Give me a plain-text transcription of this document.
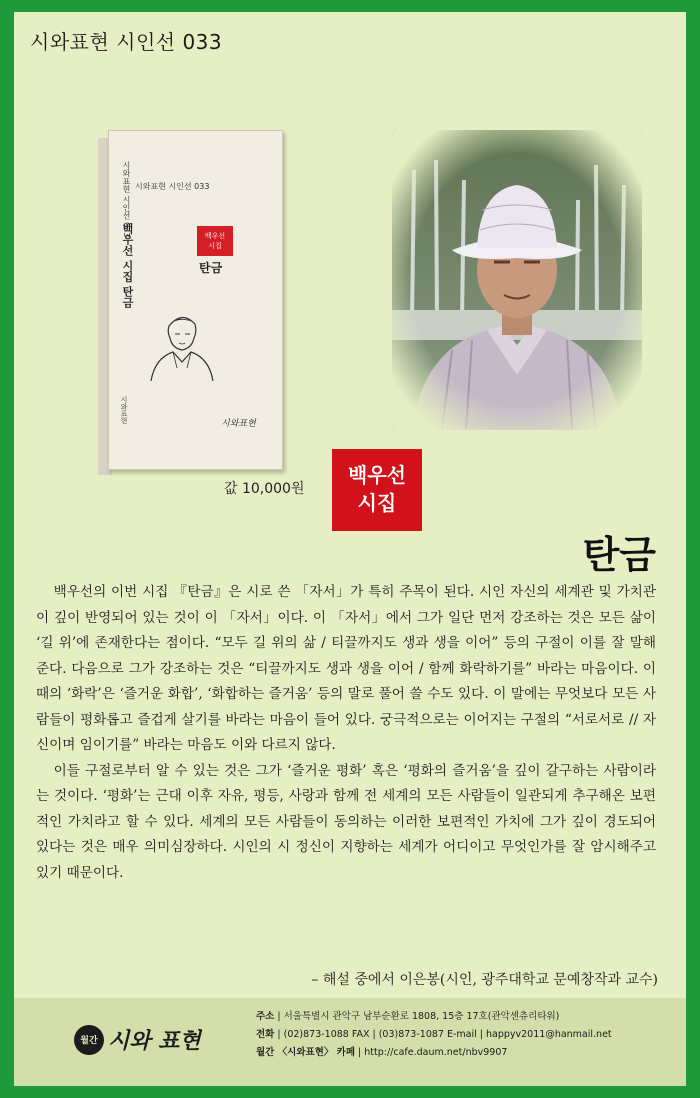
시와표현 시인선 033
시와표현 시인선 033 시와표현 시인선 033
백우선 시집 탄금	백우선
시집
탄금
시와표현	시와표현
값 10,000원
백우선
시집
탄금

백우선의 이번 시집 『탄금』은 시로 쓴 「자서」가 특히 주목이 된다. 시인 자신의 세계관 및 가치관이 깊이 반영되어 있는 것이 이 「자서」이다. 이 「자서」에서 그가 일단 먼저 강조하는 것은 모든 삶이 ‘길 위’에 존재한다는 점이다. “모두 길 위의 삶 / 티끌까지도 생과 생을 이어” 등의 구절이 이를 잘 말해 준다. 다음으로 그가 강조하는 것은 “티끌까지도 생과 생을 이어 / 함께 화락하기를” 바라는 마음이다. 이때의 ‘화락’은 ‘즐거운 화합’, ‘화합하는 즐거움’ 등의 말로 풀어 쓸 수도 있다. 이 말에는 무엇보다 모든 사람들이 평화롭고 즐겁게 살기를 바라는 마음이 들어 있다. 궁극적으로는 이어지는 구절의 “서로서로 // 자신이며 임이기를” 바라는 마음도 이와 다르지 않다.

이들 구절로부터 알 수 있는 것은 그가 ‘즐거운 평화’ 혹은 ‘평화의 즐거움’을 깊이 갈구하는 사람이라는 것이다. ‘평화’는 근대 이후 자유, 평등, 사랑과 함께 전 세계의 모든 사람들이 일관되게 추구해온 보편적인 가치라고 할 수 있다. 세계의 모든 사람들이 동의하는 이러한 보편적인 가치에 그가 깊이 경도되어 있다는 것은 매우 의미심장하다. 시인의 시 정신이 지향하는 세계가 어디이고 무엇인가를 잘 암시해주고 있기 때문이다.

– 해설 중에서 이은봉(시인, 광주대학교 문예창작과 교수)
월간 시와 표현
주소 | 서울특별시 관악구 남부순환로 1808, 15층 17호(관악센츄리타워)
전화 | (02)873-1088 FAX | (03)873-1087 E-mail | happyv2011@hanmail.net
월간 〈시와표현〉 카페 | http://cafe.daum.net/nbv9907
